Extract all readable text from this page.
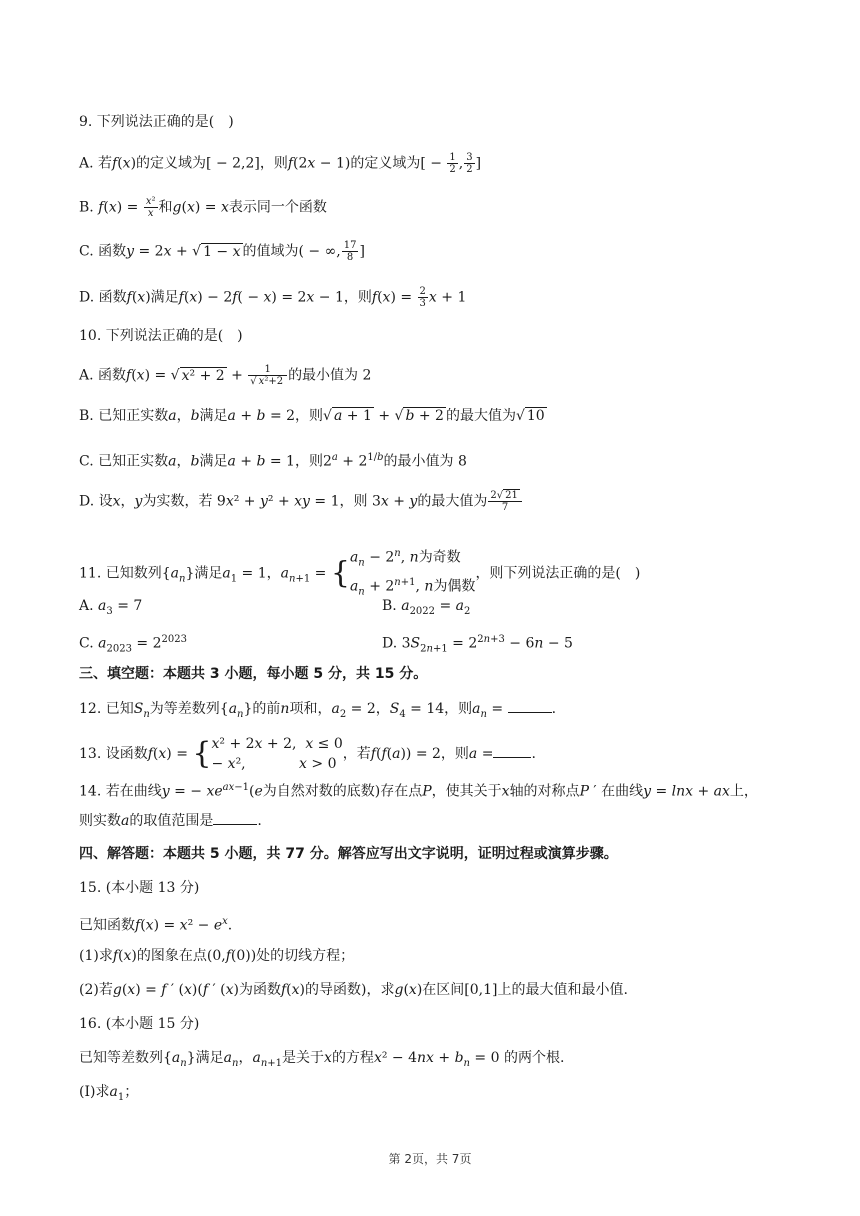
9. 下列说法正确的是(　)
A. 若f(x)的定义域为[ − 2,2]，则f(2x − 1)的定义域为[ − $\frac{1}{2}$ , $\frac{3}{2}$ ]
B. $f(x) = \frac{\text{x²}}{x}$ 和g(x) = x表示同一个函数
C. 函数y = 2x + √ 1 − x 的值域为( − ∞, $\frac{17}{8}$ ]
D. 函数f(x)满足f(x) − 2f( − x) = 2x − 1，则$f(x) = \frac{2}{3}$ x + 1
10. 下列说法正确的是(　)
A. 函数f(x) = √ $x^2 + 2 + \frac{1}{\text{√ x²+2}}$ 的最小值为 2
B. 已知正实数a，b满足a + b = 2，则√ a + 1 + √ b + 2 的最大值为√ 10
C. 已知正实数a，b满足a + b = 1，则$2^a + 2^{1/b}$的最小值为 8
D. 设x，y为实数，若 9x² + y² + xy = 1，则 3x + y的最大值为 $\frac{2√ 21}{7}$
11. 已知数列$\{a_n\}$满足$a_1 = 1$，$a_{n+1}$ = { $a_n - 2^n$, n为奇数
$a_n + 2^{n+1}$, n为偶数
，则下列说法正确的是(　)
A. $a_3 = 7$	B. $a_{2022} = a_2$
C. $a_{2023} = 2^{2023}$	D. $3S_{2n+1} = 2^{2n+3} - 6n - 5$
三、填空题：本题共 3 小题，每小题 5 分，共 15 分。
12. 已知$S_n$为等差数列$\{a_n\}$的前n项和，$a_2 = 2$，$S_4 = 14$，则$a_n$ =	.
13. 设函数f(x) = { x² + 2x + 2,  x ≤ 0
− x²,            x > 0
，若f(f(a)) = 2，则a =	.
14. 若在曲线y = − $xe^{ax-1}(e$为自然对数的底数)存在点P，使其关于x轴的对称点P ′ 在曲线y = lnx + ax上，
则实数a的取值范围是	.
四、解答题：本题共 5 小题，共 77 分。解答应写出文字说明，证明过程或演算步骤。
15. (本小题 13 分)
已知函数$f(x) = x^2 - e^x$.
(1)求f(x)的图象在点(0,f(0))处的切线方程；
(2)若g(x) = f ′ (x)(f ′ (x)为函数f(x)的导函数)，求g(x)在区间[0,1]上的最大值和最小值.
16. (本小题 15 分)
已知等差数列$\{a_n\}$满足$a_n$，$a_{n+1}$是关于x的方程$x^2 - 4nx + b_n = 0$ 的两个根.
(I)求$a_1$；
第 2页，共 7页
